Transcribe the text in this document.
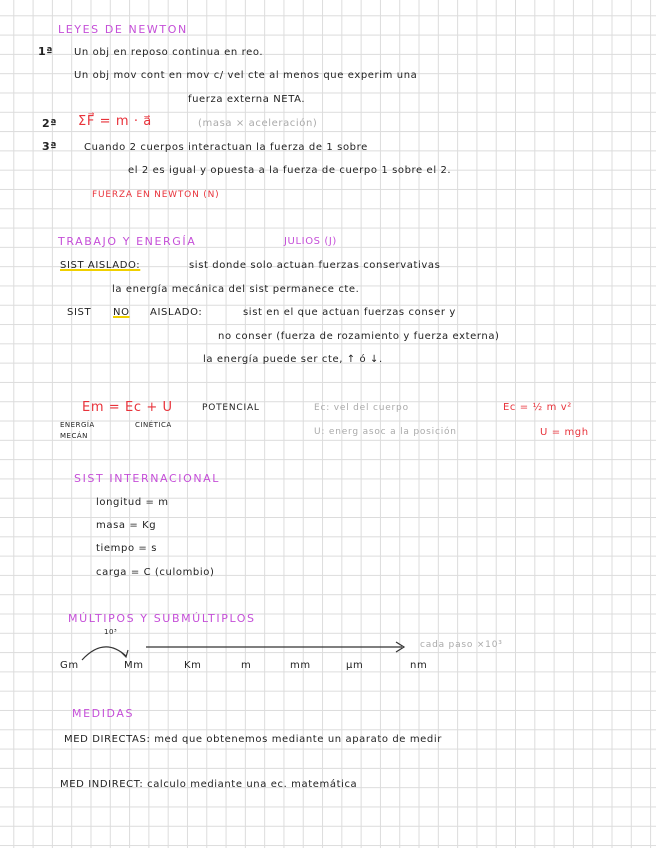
LEYES DE NEWTON
1ª Un obj en reposo continua en reo.
Un obj mov cont en mov c/ vel cte al menos que experim una
fuerza externa NETA.
2ª ΣF⃗ = m · a⃗	(masa × aceleración)
3ª	Cuando 2 cuerpos interactuan la fuerza de 1 sobre
el 2 es igual y opuesta a la fuerza de cuerpo 1 sobre el 2.
FUERZA EN NEWTON (N)
TRABAJO Y ENERGÍA	JULIOS (J)
SIST AISLADO:	sist donde solo actuan fuerzas conservativas
la energía mecánica del sist permanece cte.
SIST NO AISLADO:	sist en el que actuan fuerzas conser y
no conser (fuerza de rozamiento y fuerza externa)
la energía puede ser cte, ↑ ó ↓.
Em = Ec + U	POTENCIAL
ENERGÍA
MECÁN
CINÉTICA
Ec: vel del cuerpo
U: energ asoc a la posición
Ec = ½ m v²
U = mgh
SIST INTERNACIONAL
longitud = m
masa = Kg
tiempo = s
carga = C (culombio)
MÚLTIPOS Y SUBMÚLTIPLOS
10³
cada paso ×10³
Gm	Mm	Km	m	mm	μm	nm
MEDIDAS
MED DIRECTAS: med que obtenemos mediante un aparato de medir
MED INDIRECT: calculo mediante una ec. matemática
